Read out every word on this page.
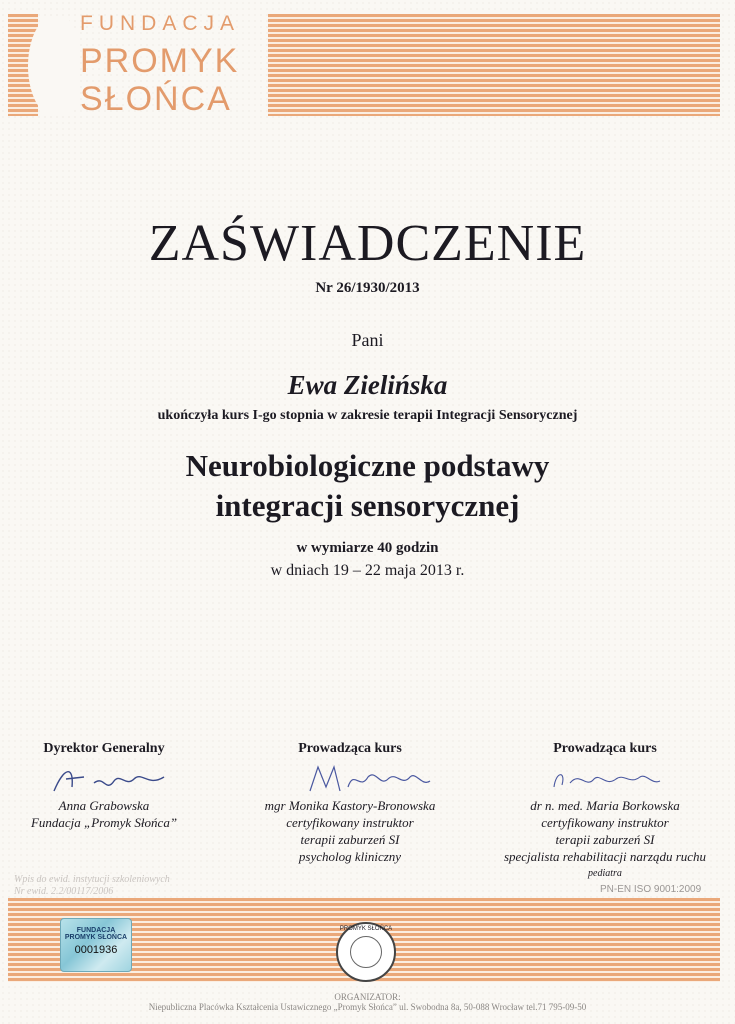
FUNDACJA
PROMYK
SŁOŃCA
ZAŚWIADCZENIE
Nr 26/1930/2013
Pani
Ewa Zielińska
ukończyła kurs I-go stopnia w zakresie terapii Integracji Sensorycznej
Neurobiologiczne podstawy
integracji sensorycznej
w wymiarze 40 godzin
w dniach 19 – 22 maja 2013 r.
Dyrektor Generalny
Anna Grabowska
Fundacja „Promyk Słońca”
Prowadząca kurs
mgr Monika Kastory-Bronowska
certyfikowany instruktor
terapii zaburzeń SI
psycholog kliniczny
Prowadząca kurs
dr n. med. Maria Borkowska
certyfikowany instruktor
terapii zaburzeń SI
specjalista rehabilitacji narządu ruchu
pediatra
Wpis do ewid. instytucji szkoleniowych
Nr ewid. 2.2/00117/2006	PN-EN ISO 9001:2009
FUNDACJA
PROMYK SŁOŃCA
0001936
PROMYK SŁOŃCA
ORGANIZATOR:
Niepubliczna Placówka Kształcenia Ustawicznego „Promyk Słońca” ul. Swobodna 8a, 50-088 Wrocław tel.71 795-09-50
